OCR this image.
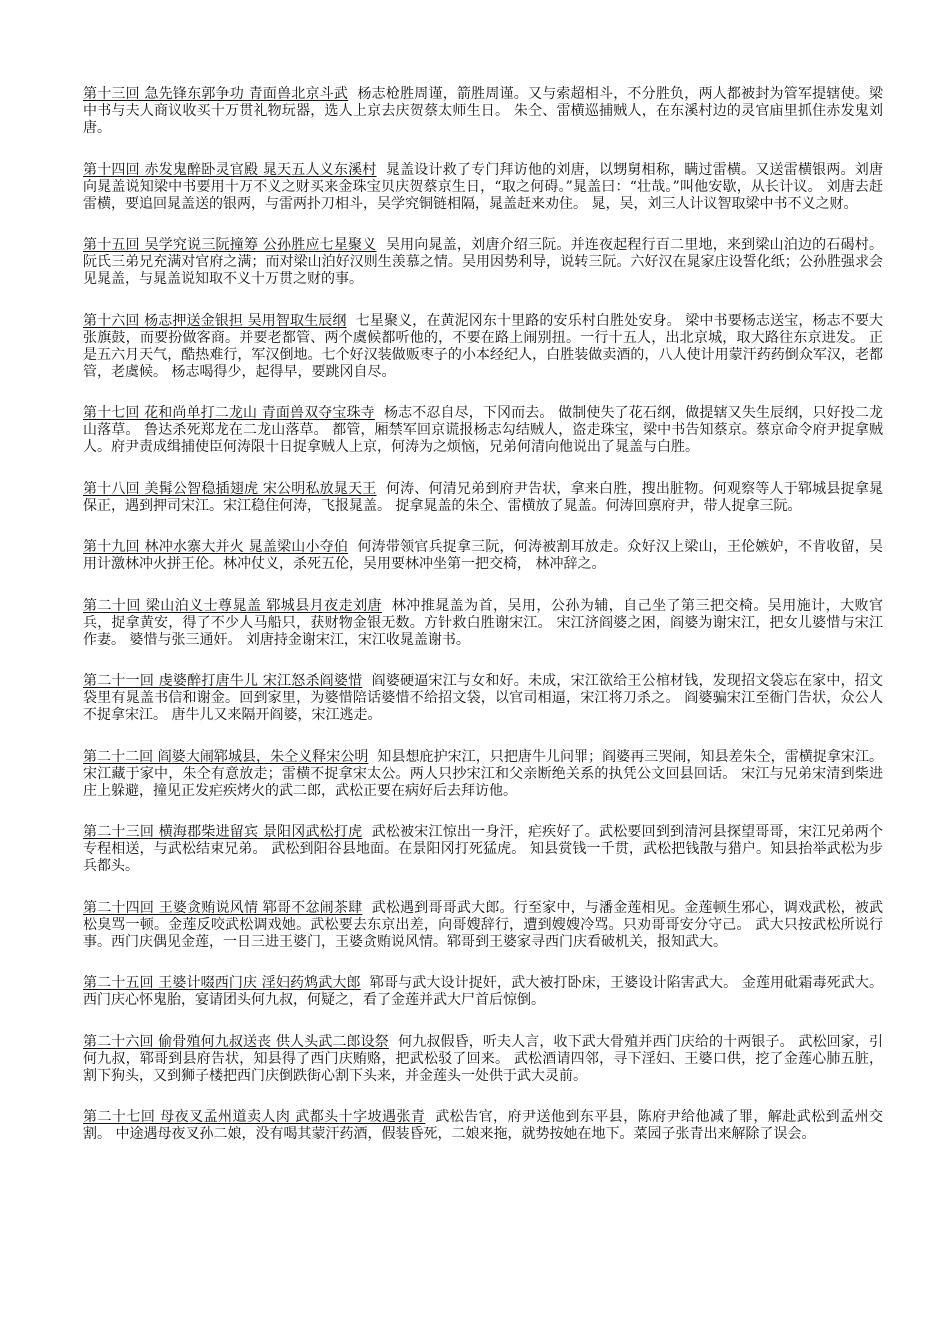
第十三回 急先锋东郭争功 青面兽北京斗武 杨志枪胜周谨，箭胜周谨。又与索超相斗，不分胜负，两人都被封为管军提辖使。梁中书与夫人商议收买十万贯礼物玩器，选人上京去庆贺蔡太师生日。 朱仝、雷横巡捕贼人，在东溪村边的灵官庙里抓住赤发鬼刘唐。

第十四回 赤发鬼醉卧灵官殿 晁天五人义东溪村 晁盖设计救了专门拜访他的刘唐，以甥舅相称，瞒过雷横。又送雷横银两。刘唐向晁盖说知梁中书要用十万不义之财买来金珠宝贝庆贺蔡京生日，“取之何碍。”晁盖曰：“壮哉。”叫他安歇，从长计议。 刘唐去赶雷横，要追回晁盖送的银两，与雷两扑刀相斗，吴学究铜链相隔，晁盖赶来劝住。 晁，吴，刘三人计议智取梁中书不义之财。

第十五回 吴学究说三阮撞筹 公孙胜应七星聚义 吴用向晁盖，刘唐介绍三阮。并连夜起程行百二里地，来到梁山泊边的石碣村。 阮氏三弟兄充满对官府之满；而对梁山泊好汉则生羡慕之情。吴用因势利导，说转三阮。六好汉在晁家庄设誓化纸；公孙胜强求会见晁盖，与晁盖说知取不义十万贯之财的事。

第十六回 杨志押送金银担 吴用智取生辰纲 七星聚义，在黄泥冈东十里路的安乐村白胜处安身。 梁中书要杨志送宝，杨志不要大张旗鼓，而要扮做客商。并要老都管、两个虞候都听他的，不要在路上闹别扭。一行十五人，出北京城，取大路往东京进发。 正是五六月天气，酷热难行，军汉倒地。七个好汉装做贩枣子的小本经纪人，白胜装做卖酒的，八人使计用蒙汗药药倒众军汉，老都管，老虞候。 杨志喝得少，起得早，要跳冈自尽。

第十七回 花和尚单打二龙山 青面兽双夺宝珠寺 杨志不忍自尽，下冈而去。 做制使失了花石纲，做提辖又失生辰纲，只好投二龙山落草。 鲁达杀死郑龙在二龙山落草。 都管，厢禁军回京谎报杨志勾结贼人，盗走珠宝，梁中书告知蔡京。蔡京命令府尹捉拿贼人。府尹责成缉捕使臣何涛限十日捉拿贼人上京，何涛为之烦恼，兄弟何清向他说出了晁盖与白胜。

第十八回 美髯公智稳插翅虎 宋公明私放晁天王 何涛、何清兄弟到府尹告状，拿来白胜，搜出脏物。何观察等人于郓城县捉拿晁保正，遇到押司宋江。宋江稳住何涛，飞报晁盖。 捉拿晁盖的朱仝、雷横放了晁盖。何涛回禀府尹，带人捉拿三阮。

第十九回 林冲水寨大并火 晁盖梁山小夺伯 何涛带领官兵捉拿三阮，何涛被割耳放走。众好汉上梁山，王伦嫉妒，不肯收留，吴用计激林冲火拼王伦。林冲仗义，杀死五伦，吴用要林冲坐第一把交椅， 林冲辞之。

第二十回 梁山泊义士尊晁盖 郓城县月夜走刘唐 林冲推晁盖为首，吴用，公孙为辅，自己坐了第三把交椅。吴用施计，大败官兵，捉拿黄安，得了不少人马船只，获财物金银无数。方针救白胜谢宋江。 宋江济阎婆之困，阎婆为谢宋江，把女儿婆惜与宋江作妻。 婆惜与张三通奸。 刘唐持金谢宋江，宋江收晁盖谢书。

第二十一回 虔婆醉打唐牛儿 宋江怒杀阎婆惜 阎婆硬逼宋江与女和好。未成，宋江欲给王公棺材钱，发现招文袋忘在家中，招文袋里有晁盖书信和谢金。回到家里，为婆惜陪话婆惜不给招文袋，以官司相逼，宋江将刀杀之。 阎婆骗宋江至衙门告状，众公人不捉拿宋江。 唐牛儿又来隔开阎婆，宋江逃走。

第二十二回 阎婆大闹郓城县，朱仝义释宋公明 知县想庇护宋江，只把唐牛儿问罪；阎婆再三哭闹，知县差朱仝，雷横捉拿宋江。宋江藏于家中，朱仝有意放走；雷横不捉拿宋太公。两人只抄宋江和父亲断绝关系的执凭公文回县回话。 宋江与兄弟宋清到柴进庄上躲避，撞见正发疟疾烤火的武二郎，武松正要在病好后去拜访他。

第二十三回 横海郡柴进留宾 景阳冈武松打虎 武松被宋江惊出一身汗，疟疾好了。武松要回到到清河县探望哥哥，宋江兄弟两个专程相送，与武松结束兄弟。 武松到阳谷县地面。在景阳冈打死猛虎。 知县赏钱一千贯，武松把钱散与猎户。知县抬举武松为步兵都头。

第二十四回 王婆贪贿说风情 郓哥不忿闹茶肆 武松遇到哥哥武大郎。行至家中，与潘金莲相见。金莲顿生邪心，调戏武松，被武松臭骂一顿。金莲反咬武松调戏她。武松要去东京出差，向哥嫂辞行，遭到嫂嫂冷骂。只劝哥哥安分守己。 武大只按武松所说行事。西门庆偶见金莲，一日三进王婆门，王婆贪贿说风情。郓哥到王婆家寻西门庆看破机关，报知武大。

第二十五回 王婆计啜西门庆 淫妇药鸩武大郎 郓哥与武大设计捉奸，武大被打卧床，王婆设计陷害武大。 金莲用砒霜毒死武大。西门庆心怀鬼胎，宴请团头何九叔，何疑之，看了金莲并武大尸首后惊倒。

第二十六回 偷骨殖何九叔送丧 供人头武二郎设祭 何九叔假昏，听夫人言，收下武大骨殖并西门庆给的十两银子。 武松回家，引何九叔，郓哥到县府告状，知县得了西门庆贿赂，把武松驳了回来。 武松酒请四邻，寻下淫妇、王婆口供，挖了金莲心肺五脏，割下狗头，又到狮子楼把西门庆倒跌街心割下头来，并金莲头一处供于武大灵前。

第二十七回 母夜叉孟州道卖人肉 武都头十字坡遇张青 武松告官，府尹送他到东平县，陈府尹给他减了罪，解赴武松到孟州交割。 中途遇母夜叉孙二娘，没有喝其蒙汗药酒，假装昏死，二娘来拖，就势按她在地下。菜园子张青出来解除了误会。
